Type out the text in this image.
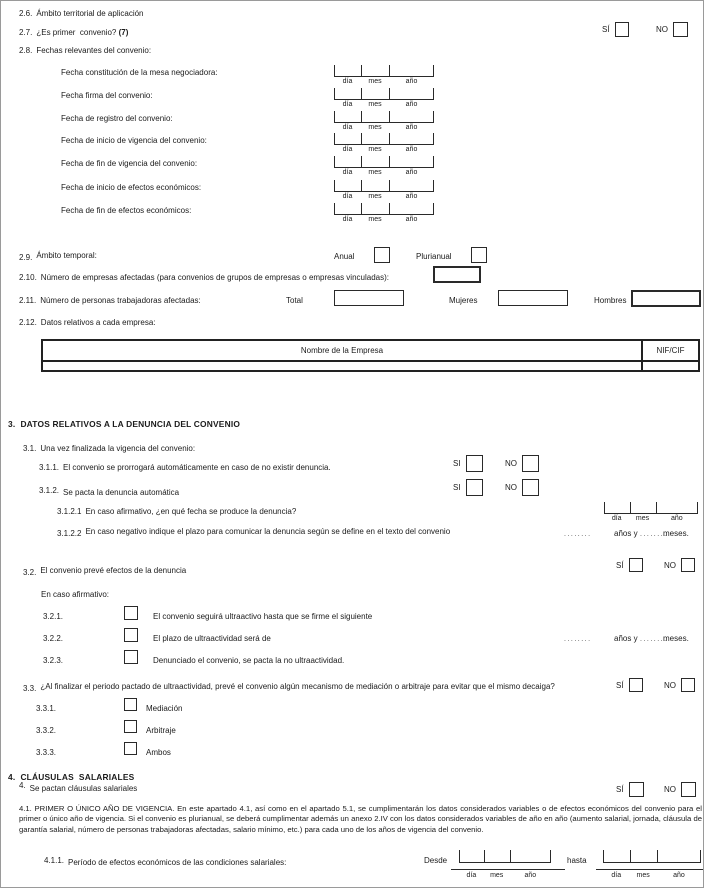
2.6. Ámbito territorial de aplicación
2.7. ¿Es primer  convenio? (7)	SÍ	NO
2.8. Fechas relevantes del convenio:
Fecha constitución de la mesa negociadora:
día	mes	año
Fecha firma del convenio:
día	mes	año
Fecha de registro del convenio:
día	mes	año
Fecha de inicio de vigencia del convenio:
día	mes	año
Fecha de fin de vigencia del convenio:
día	mes	año
Fecha de inicio de efectos económicos:
día	mes	año
Fecha de fin de efectos económicos:
día	mes	año
2.9. Ámbito temporal:	Anual	Plurianual
2.10. Número de empresas afectadas (para convenios de grupos de empresas o empresas vinculadas):
2.11. Número de personas trabajadoras afectadas:	Total	Mujeres	Hombres
2.12. Datos relativos a cada empresa:
Nombre de la Empresa	NIF/CIF
3.  DATOS RELATIVOS A LA DENUNCIA DEL CONVENIO
3.1. Una vez finalizada la vigencia del convenio:
3.1.1. El convenio se prorrogará automáticamente en caso de no existir denuncia.	SI	NO
3.1.2. Se pacta la denuncia automática
SI	NO
3.1.2.1 En caso afirmativo, ¿en qué fecha se produce la denuncia?
día	mes	año
3.1.2.2 En caso negativo indique el plazo para comunicar la denuncia según se define en el texto del convenio	........	años y ........
meses.
3.2. El convenio prevé efectos de la denuncia
SÍ	NO
En caso afirmativo:
3.2.1.	El convenio seguirá ultraactivo hasta que se firme el siguiente
3.2.2.	El plazo de ultraactividad será de	........	años y ........
meses.
3.2.3.	Denunciado el convenio, se pacta la no ultraactividad.
3.3. ¿Al finalizar el periodo pactado de ultraactividad, prevé el convenio algún mecanismo de mediación o arbitraje para evitar que el mismo decaiga?	SÍ	NO
3.3.1.	Mediación
3.3.2.	Arbitraje
3.3.3.	Ambos
4.  CLÁUSULAS  SALARIALES
4. Se pactan cláusulas salariales	SÍ	NO
4.1. PRIMER O ÚNICO AÑO DE VIGENCIA. En este apartado 4.1, así como en el apartado 5.1, se cumplimentarán los datos considerados variables o de efectos económicos del convenio para el primer o único año de vigencia. Si el convenio es plurianual, se deberá cumplimentar además un anexo 2.IV con los datos considerados variables de año en año (aumento salarial, jornada, cláusula de garantía salarial, número de personas trabajadoras afectadas, salario mínimo, etc.) para cada uno de los años de vigencia del convenio.
4.1.1. Período de efectos económicos de las condiciones salariales:	Desde	hasta
día	mes	año	día	mes	año
